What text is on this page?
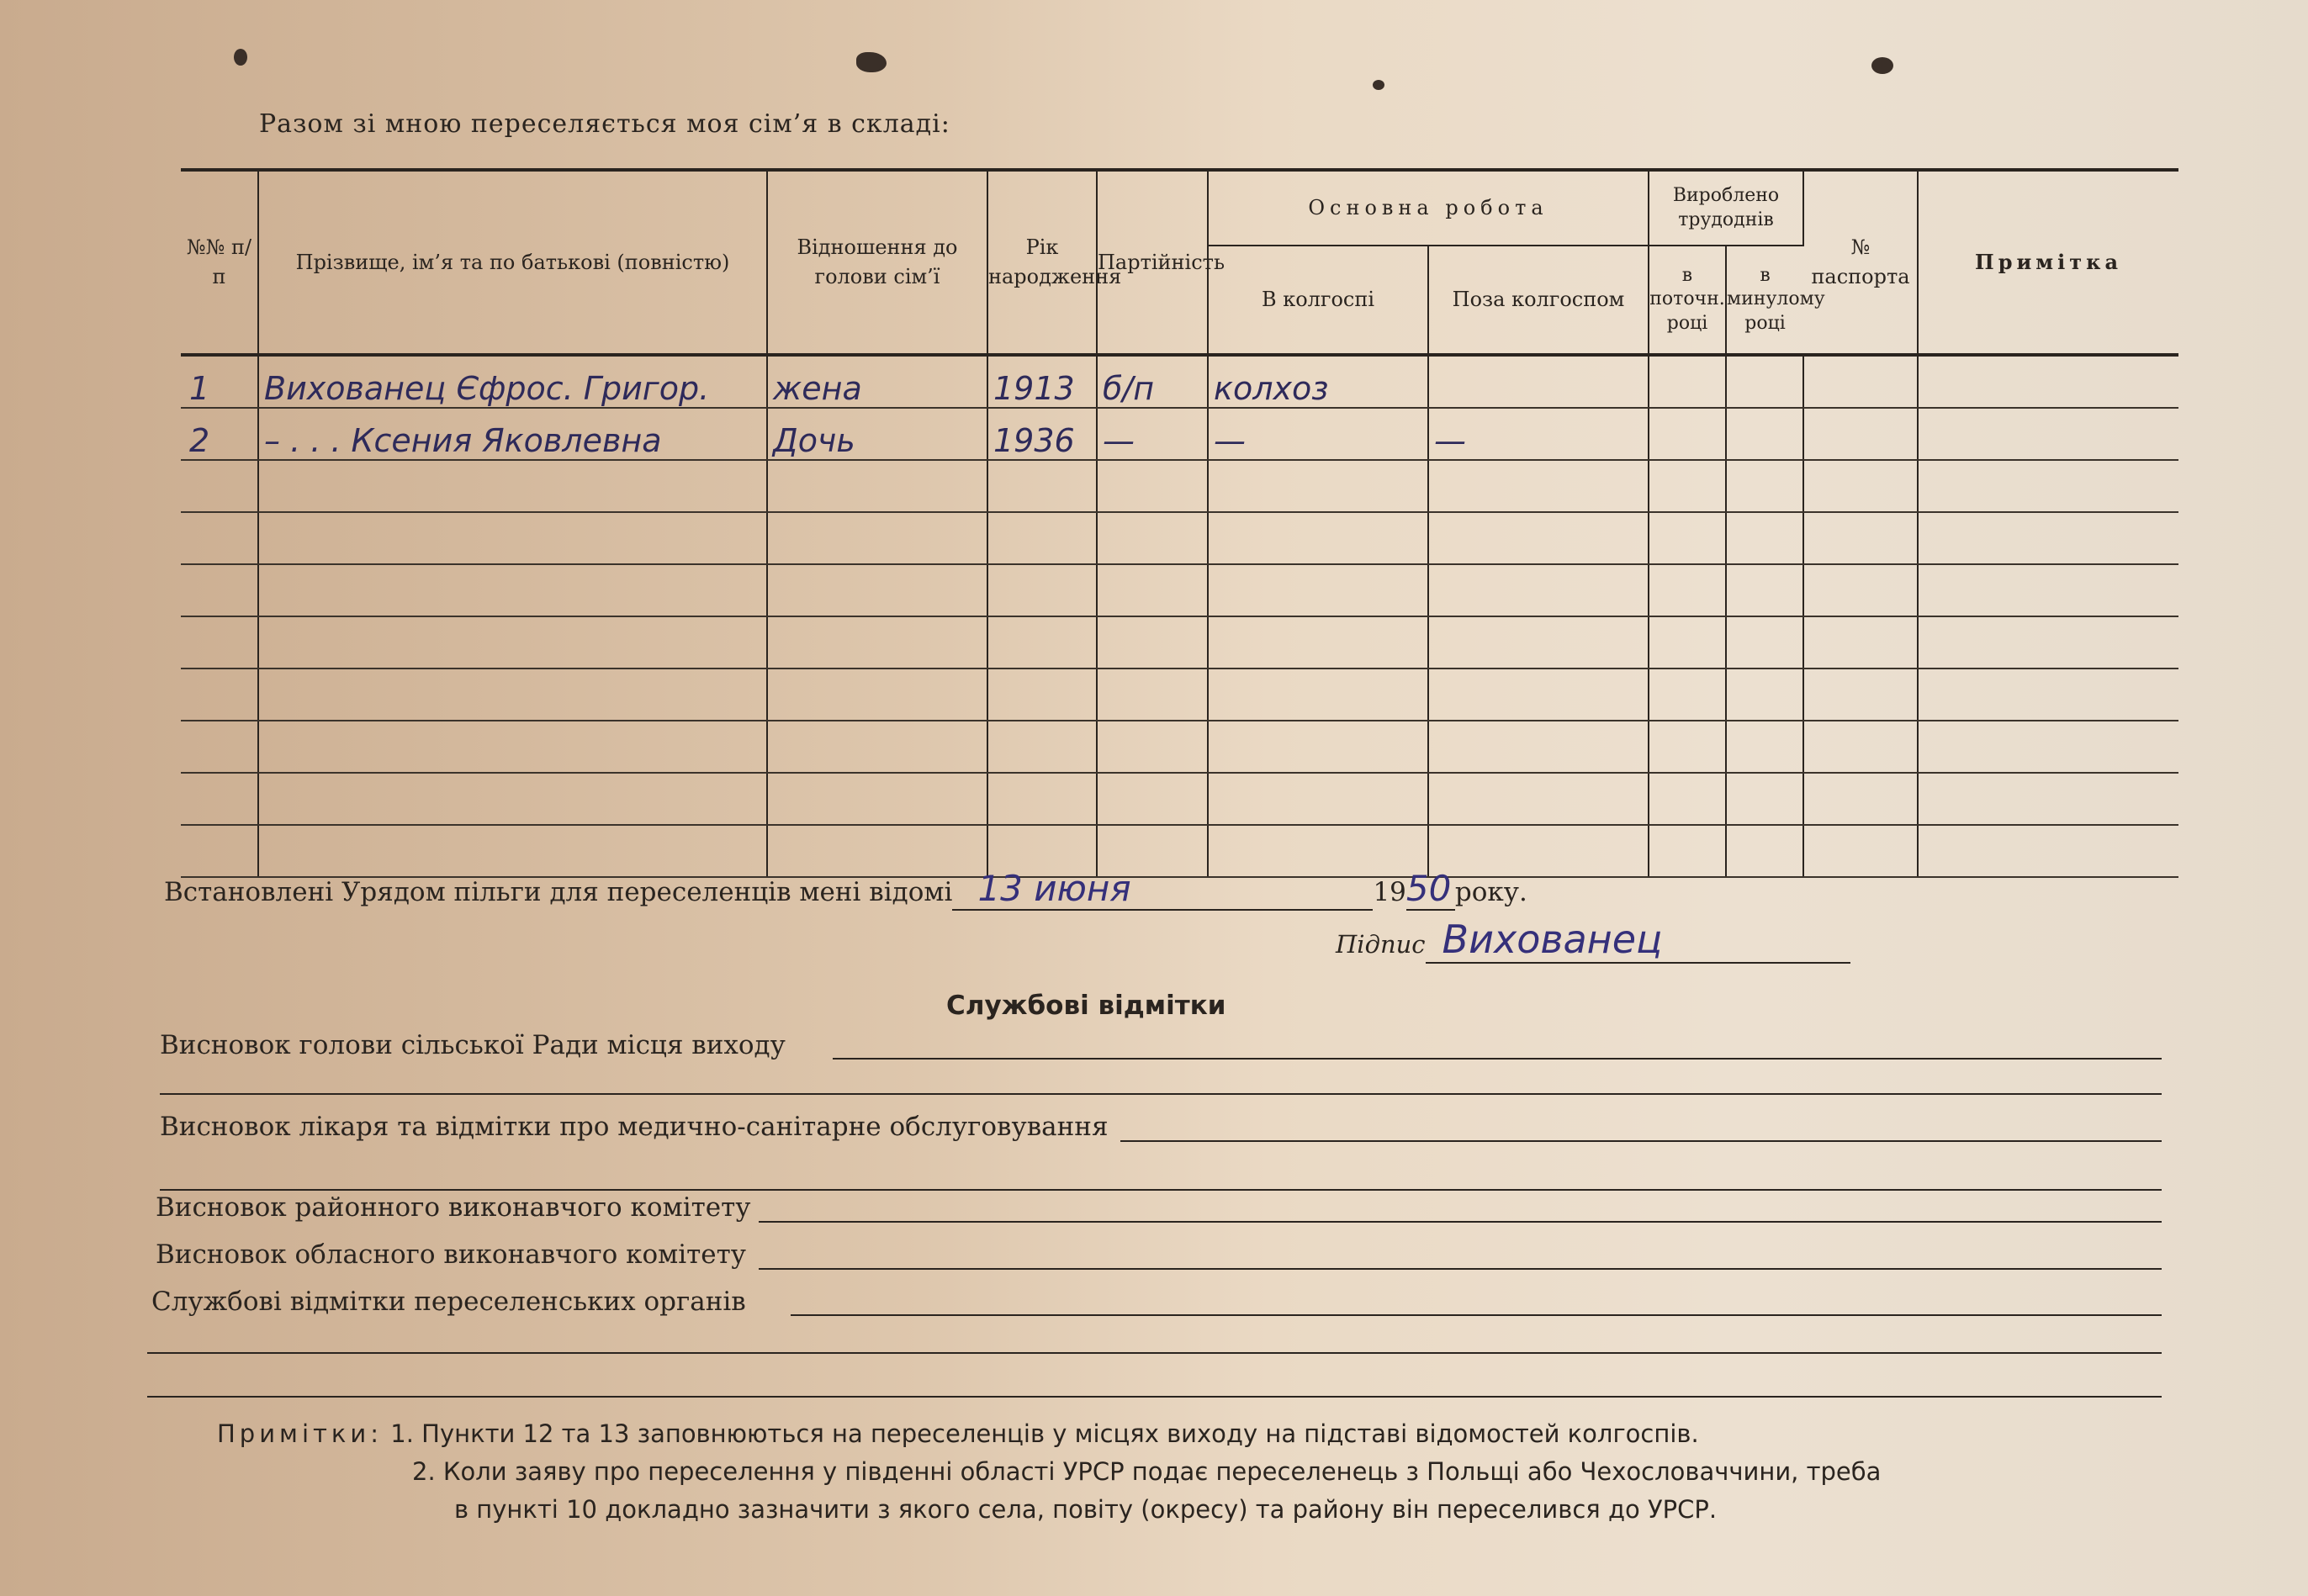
Разом зі мною переселяється моя сім’я в складі:
№№ п/п	Прізвище, ім’я та по батькові (повністю)	Відношення до голови сім’ї	Рік народження	Партійність	Основна робота		Вироблено трудоднів		№ паспорта	Примітка
					В колгоспі	Поза колгоспом	в поточн. році	в минулому році		
1	Вихованец Єфрос. Григор.	жена	1913	б/п	колхоз					
2	– . . . Ксения Яковлевна	Дочь	1936	—	—	—				

Встановлені Урядом пільги для переселенців мені відомі 13 июня	1950 року.
Підпис Вихованец
Службові відмітки
Висновок голови сільської Ради місця виходу
Висновок лікаря та відмітки про медично-санітарне обслуговування
Висновок районного виконавчого комітету
Висновок обласного виконавчого комітету
Службові відмітки переселенських органів
Примітки: 1. Пункти 12 та 13 заповнюються на переселенців у місцях виходу на підставі відомостей колгоспів.
2. Коли заяву про переселення у південні області УРСР подає переселенець з Польщі або Чехословаччини, треба
в пункті 10 докладно зазначити з якого села, повіту (окресу) та району він переселився до УРСР.
